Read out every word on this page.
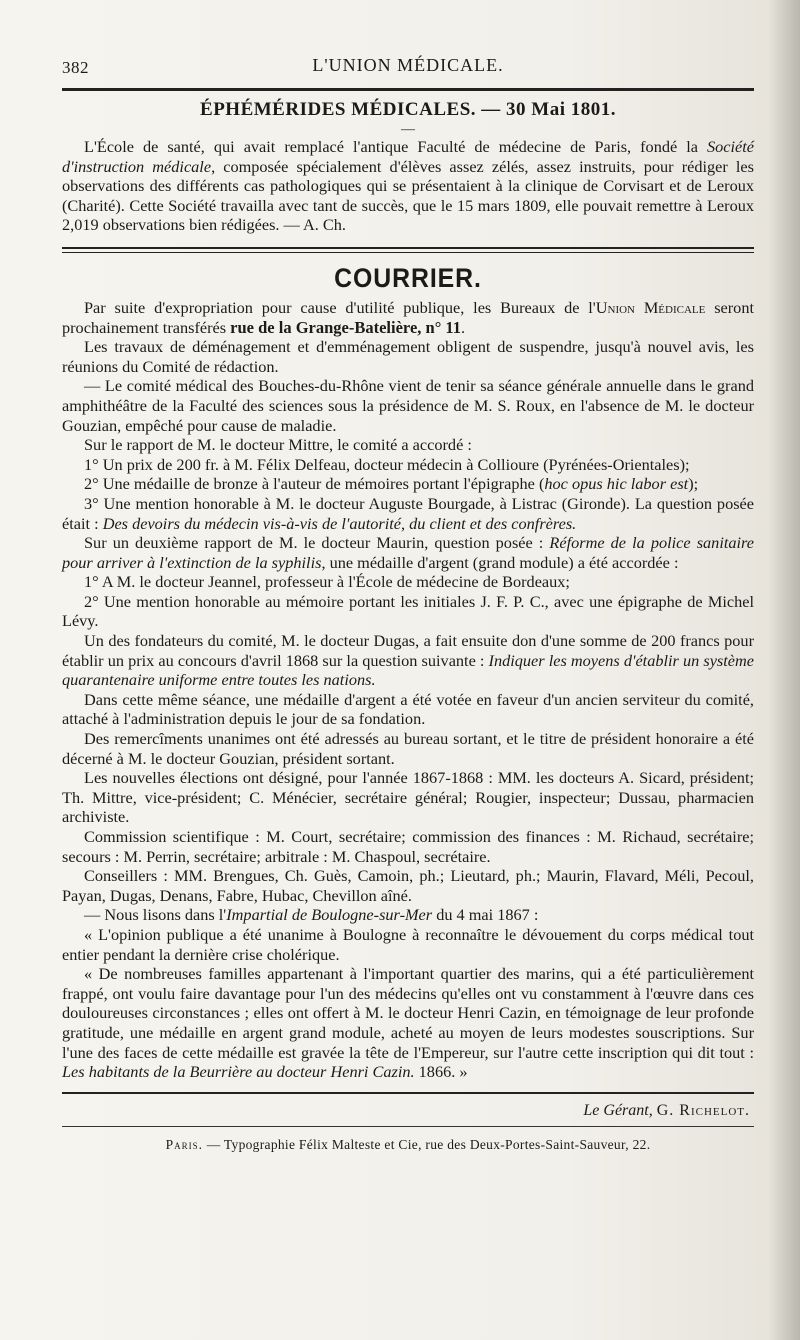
382	L'UNION MÉDICALE.
ÉPHÉMÉRIDES MÉDICALES. — 30 Mai 1801.
—

L'École de santé, qui avait remplacé l'antique Faculté de médecine de Paris, fondé la Société d'instruction médicale, composée spécialement d'élèves assez zélés, assez instruits, pour rédiger les observations des différents cas pathologiques qui se présentaient à la clinique de Corvisart et de Leroux (Charité). Cette Société travailla avec tant de succès, que le 15 mars 1809, elle pouvait remettre à Leroux 2,019 observations bien rédigées. — A. Ch.

COURRIER.

Par suite d'expropriation pour cause d'utilité publique, les Bureaux de l'Union Médicale seront prochainement transférés rue de la Grange-Batelière, n° 11.

Les travaux de déménagement et d'emménagement obligent de suspendre, jusqu'à nouvel avis, les réunions du Comité de rédaction.

— Le comité médical des Bouches-du-Rhône vient de tenir sa séance générale annuelle dans le grand amphithéâtre de la Faculté des sciences sous la présidence de M. S. Roux, en l'absence de M. le docteur Gouzian, empêché pour cause de maladie.

Sur le rapport de M. le docteur Mittre, le comité a accordé :

1° Un prix de 200 fr. à M. Félix Delfeau, docteur médecin à Collioure (Pyrénées-Orientales);

2° Une médaille de bronze à l'auteur de mémoires portant l'épigraphe (hoc opus hic labor est);

3° Une mention honorable à M. le docteur Auguste Bourgade, à Listrac (Gironde). La question posée était : Des devoirs du médecin vis-à-vis de l'autorité, du client et des confrères.

Sur un deuxième rapport de M. le docteur Maurin, question posée : Réforme de la police sanitaire pour arriver à l'extinction de la syphilis, une médaille d'argent (grand module) a été accordée :

1° A M. le docteur Jeannel, professeur à l'École de médecine de Bordeaux;

2° Une mention honorable au mémoire portant les initiales J. F. P. C., avec une épigraphe de Michel Lévy.

Un des fondateurs du comité, M. le docteur Dugas, a fait ensuite don d'une somme de 200 francs pour établir un prix au concours d'avril 1868 sur la question suivante : Indiquer les moyens d'établir un système quarantenaire uniforme entre toutes les nations.

Dans cette même séance, une médaille d'argent a été votée en faveur d'un ancien serviteur du comité, attaché à l'administration depuis le jour de sa fondation.

Des remercîments unanimes ont été adressés au bureau sortant, et le titre de président honoraire a été décerné à M. le docteur Gouzian, président sortant.

Les nouvelles élections ont désigné, pour l'année 1867-1868 : MM. les docteurs A. Sicard, président; Th. Mittre, vice-président; C. Ménécier, secrétaire général; Rougier, inspecteur; Dussau, pharmacien archiviste.

Commission scientifique : M. Court, secrétaire; commission des finances : M. Richaud, secrétaire; secours : M. Perrin, secrétaire; arbitrale : M. Chaspoul, secrétaire.

Conseillers : MM. Brengues, Ch. Guès, Camoin, ph.; Lieutard, ph.; Maurin, Flavard, Méli, Pecoul, Payan, Dugas, Denans, Fabre, Hubac, Chevillon aîné.

— Nous lisons dans l'Impartial de Boulogne-sur-Mer du 4 mai 1867 :

« L'opinion publique a été unanime à Boulogne à reconnaître le dévouement du corps médical tout entier pendant la dernière crise cholérique.

« De nombreuses familles appartenant à l'important quartier des marins, qui a été particulièrement frappé, ont voulu faire davantage pour l'un des médecins qu'elles ont vu constamment à l'œuvre dans ces douloureuses circonstances ; elles ont offert à M. le docteur Henri Cazin, en témoignage de leur profonde gratitude, une médaille en argent grand module, acheté au moyen de leurs modestes souscriptions. Sur l'une des faces de cette médaille est gravée la tête de l'Empereur, sur l'autre cette inscription qui dit tout : Les habitants de la Beurrière au docteur Henri Cazin. 1866. »

Le Gérant, G. Richelot.
Paris. — Typographie Félix Malteste et Cie, rue des Deux-Portes-Saint-Sauveur, 22.
